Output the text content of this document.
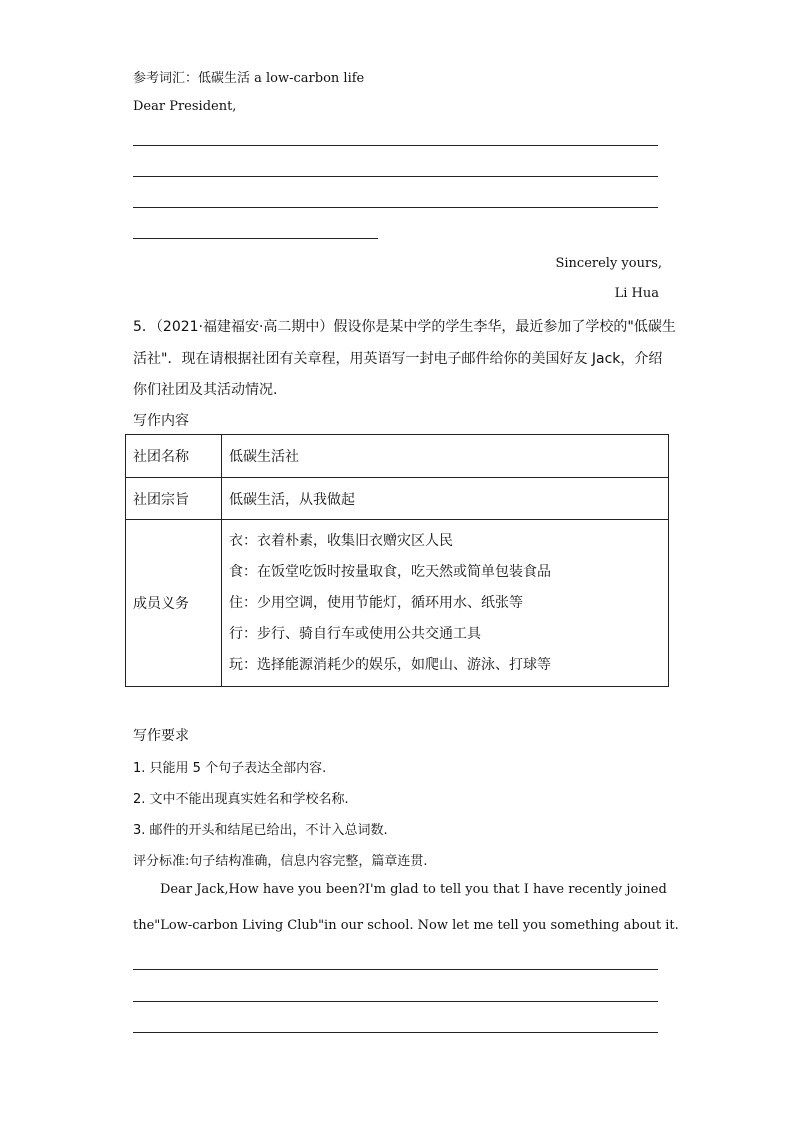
参考词汇：低碳生活 a low-carbon life
Dear President,
Sincerely yours,
Li Hua
5．（2021·福建福安·高二期中）假设你是某中学的学生李华，最近参加了学校的"低碳生
活社"．现在请根据社团有关章程，用英语写一封电子邮件给你的美国好友 Jack，介绍
你们社团及其活动情况.
写作内容
社团名称	低碳生活社
社团宗旨	低碳生活，从我做起
成员义务	衣：衣着朴素，收集旧衣赠灾区人民
食：在饭堂吃饭时按量取食，吃天然或简单包装食品
住：少用空调，使用节能灯，循环用水、纸张等
行：步行、骑自行车或使用公共交通工具
玩：选择能源消耗少的娱乐，如爬山、游泳、打球等
写作要求
1. 只能用 5 个句子表达全部内容.
2. 文中不能出现真实姓名和学校名称.
3. 邮件的开头和结尾已给出，不计入总词数.
评分标准:句子结构准确，信息内容完整，篇章连贯.
Dear Jack,How have you been?I'm glad to tell you that I have recently joined
the"Low-carbon Living Club"in our school. Now let me tell you something about it.
